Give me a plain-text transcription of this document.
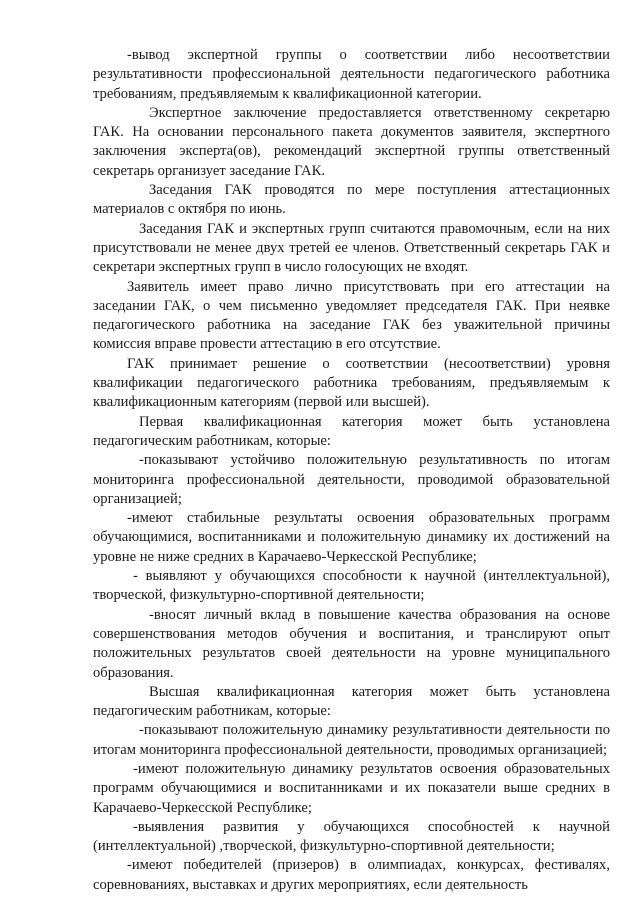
-вывод экспертной группы о соответствии либо несоответствии результативности профессиональной деятельности педагогического работника требованиям, предъявляемым к квалификационной категории.

Экспертное заключение предоставляется ответственному секретарю ГАК. На основании персонального пакета документов заявителя, экспертного заключения эксперта(ов), рекомендаций экспертной группы ответственный секретарь организует заседание ГАК.

Заседания ГАК проводятся по мере поступления аттестационных материалов с октября по июнь.

Заседания ГАК и экспертных групп считаются правомочным, если на них присутствовали не менее двух третей ее членов. Ответственный секретарь ГАК и секретари экспертных групп в число голосующих не входят.

Заявитель имеет право лично присутствовать при его аттестации на заседании ГАК, о чем письменно уведомляет председателя ГАК. При неявке педагогического работника на заседание ГАК без уважительной причины комиссия вправе провести аттестацию в его отсутствие.

ГАК принимает решение о соответствии (несоответствии) уровня квалификации педагогического работника требованиям, предъявляемым к квалификационным категориям (первой или высшей).

Первая квалификационная категория может быть установлена педагогическим работникам, которые:

-показывают устойчиво положительную результативность по итогам мониторинга профессиональной деятельности, проводимой образовательной организацией;

-имеют стабильные результаты освоения образовательных программ обучающимися, воспитанниками и положительную динамику их достижений на уровне не ниже средних в Карачаево-Черкесской Республике;

- выявляют у обучающихся способности к научной (интеллектуальной), творческой, физкультурно-спортивной деятельности;

-вносят личный вклад в повышение качества образования на основе совершенствования методов обучения и воспитания, и транслируют опыт положительных результатов своей деятельности на уровне муниципального образования.

Высшая квалификационная категория может быть установлена педагогическим работникам, которые:

-показывают положительную динамику результативности деятельности по итогам мониторинга профессиональной деятельности, проводимых организацией;

-имеют положительную динамику результатов освоения образовательных программ обучающимися и воспитанниками и их показатели выше средних в Карачаево-Черкесской Республике;

-выявления развития у обучающихся способностей к научной (интеллектуальной) ,творческой, физкультурно-спортивной деятельности;

-имеют победителей (призеров) в олимпиадах, конкурсах, фестивалях, соревнованиях, выставках и других мероприятиях, если деятельность
